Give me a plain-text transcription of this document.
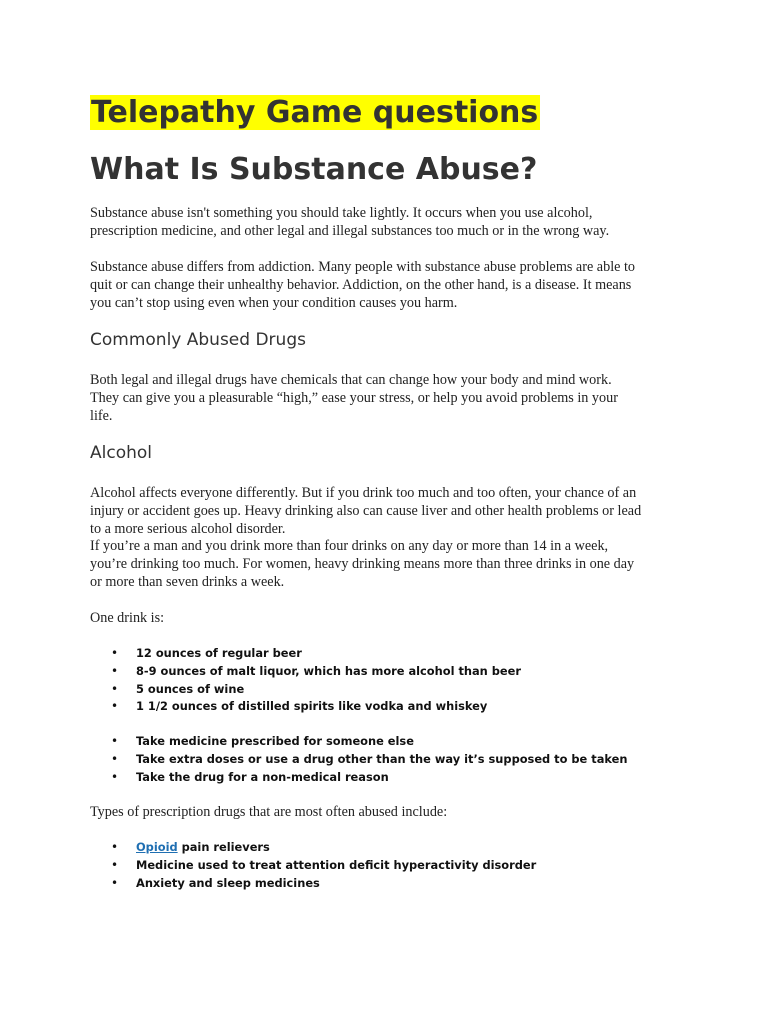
Telepathy Game questions
What Is Substance Abuse?
Substance abuse isn't something you should take lightly. It occurs when you use alcohol,
prescription medicine, and other legal and illegal substances too much or in the wrong way.
Substance abuse differs from addiction. Many people with substance abuse problems are able to
quit or can change their unhealthy behavior. Addiction, on the other hand, is a disease. It means
you can’t stop using even when your condition causes you harm.
Commonly Abused Drugs
Both legal and illegal drugs have chemicals that can change how your body and mind work.
They can give you a pleasurable “high,” ease your stress, or help you avoid problems in your
life.
Alcohol
Alcohol affects everyone differently. But if you drink too much and too often, your chance of an
injury or accident goes up. Heavy drinking also can cause liver and other health problems or lead
to a more serious alcohol disorder.
If you’re a man and you drink more than four drinks on any day or more than 14 in a week,
you’re drinking too much. For women, heavy drinking means more than three drinks in one day
or more than seven drinks a week.
One drink is:
• 12 ounces of regular beer
• 8-9 ounces of malt liquor, which has more alcohol than beer
• 5 ounces of wine
• 1 1/2 ounces of distilled spirits like vodka and whiskey
• Take medicine prescribed for someone else
• Take extra doses or use a drug other than the way it’s supposed to be taken
• Take the drug for a non-medical reason
Types of prescription drugs that are most often abused include:
• Opioid pain relievers
• Medicine used to treat attention deficit hyperactivity disorder
• Anxiety and sleep medicines
